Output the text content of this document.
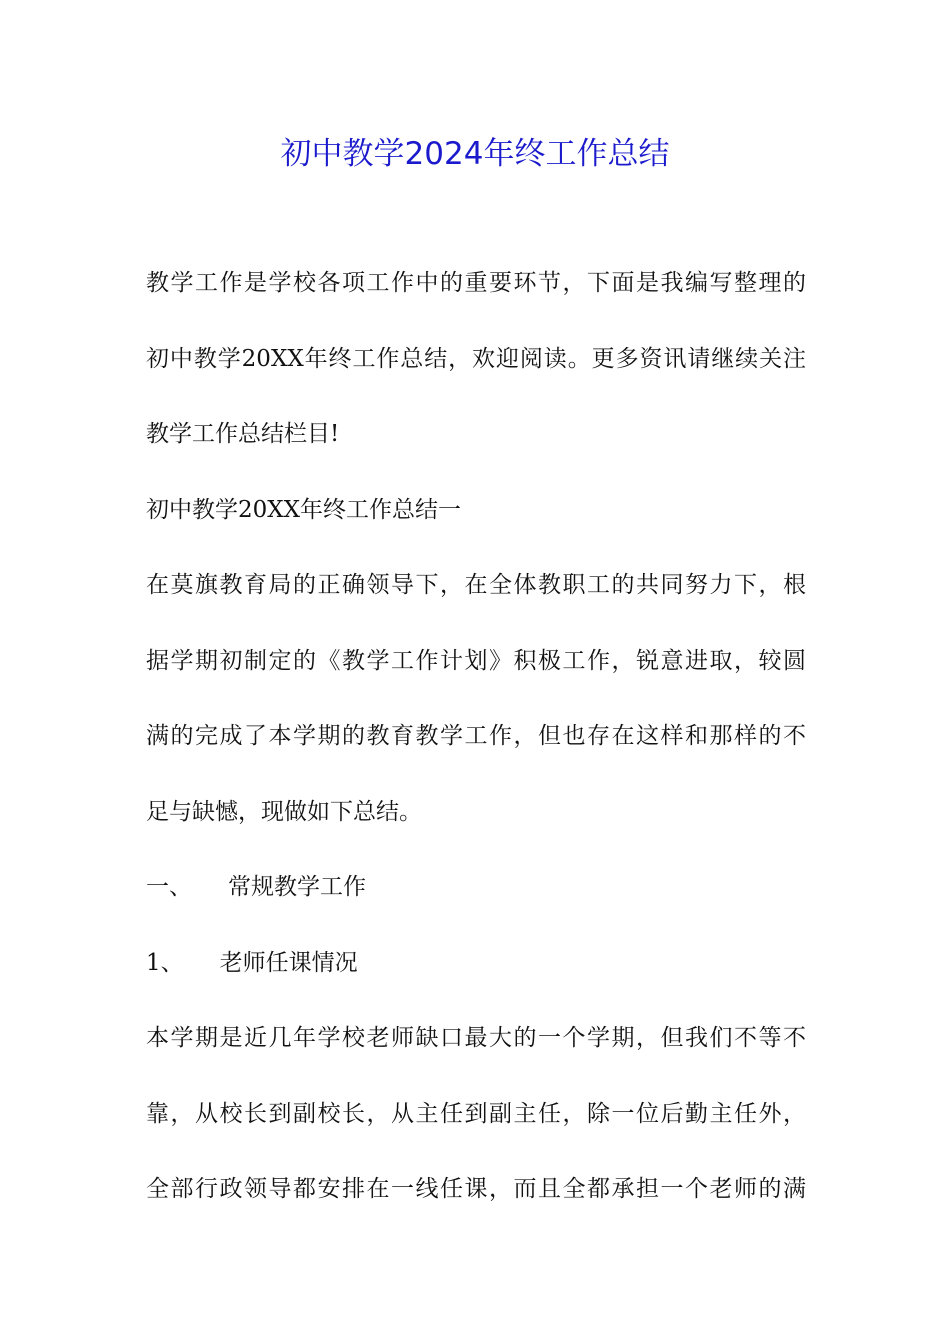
初中教学2024年终工作总结
教学工作是学校各项工作中的重要环节，下面是我编写整理的
初中教学20XX年终工作总结，欢迎阅读。更多资讯请继续关注
教学工作总结栏目!
初中教学20XX年终工作总结一
在莫旗教育局的正确领导下，在全体教职工的共同努力下，根
据学期初制定的《教学工作计划》积极工作，锐意进取，较圆
满的完成了本学期的教育教学工作，但也存在这样和那样的不
足与缺憾，现做如下总结。
一、 常规教学工作
1、 老师任课情况
本学期是近几年学校老师缺口最大的一个学期，但我们不等不
靠，从校长到副校长，从主任到副主任，除一位后勤主任外，
全部行政领导都安排在一线任课，而且全都承担一个老师的满
